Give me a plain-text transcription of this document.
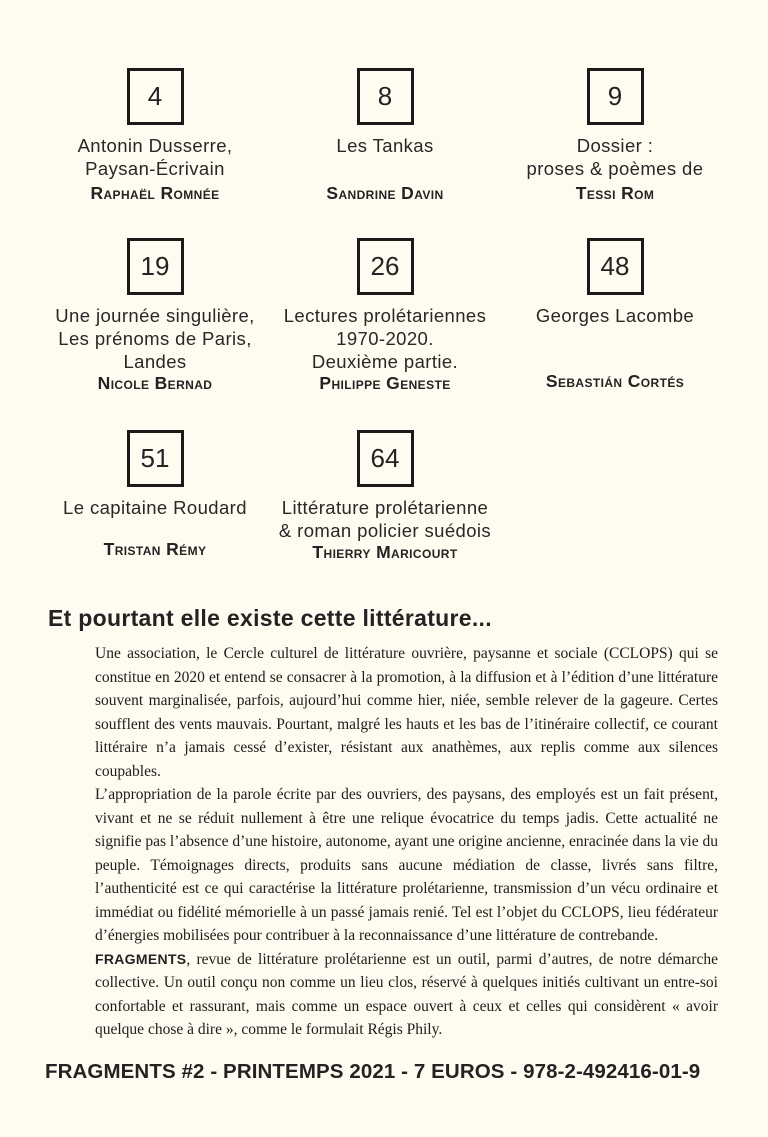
4
Antonin Dusserre,
Paysan-Écrivain
Raphaël Romnée
8
Les Tankas
Sandrine Davin
9
Dossier :
proses & poèmes de
Tessi Rom
19
Une journée singulière,
Les prénoms de Paris,
Landes
Nicole Bernad
26
Lectures prolétariennes
1970-2020.
Deuxième partie.
Philippe Geneste
48
Georges Lacombe
Sebastián Cortés
51
Le capitaine Roudard
Tristan Rémy
64
Littérature prolétarienne
& roman policier suédois
Thierry Maricourt
Et pourtant elle existe cette littérature...

Une association, le Cercle culturel de littérature ouvrière, paysanne et sociale (CCLOPS) qui se constitue en 2020 et entend se consacrer à la promotion, à la diffusion et à l’édition d’une littérature souvent marginalisée, parfois, aujourd’hui comme hier, niée, semble relever de la gageure. Certes soufflent des vents mauvais. Pourtant, malgré les hauts et les bas de l’itinéraire collectif, ce courant littéraire n’a jamais cessé d’exister, résistant aux anathèmes, aux replis comme aux silences coupables.

L’appropriation de la parole écrite par des ouvriers, des paysans, des employés est un fait présent, vivant et ne se réduit nullement à être une relique évocatrice du temps jadis. Cette actualité ne signifie pas l’absence d’une histoire, autonome, ayant une origine ancienne, enracinée dans la vie du peuple. Témoignages directs, produits sans aucune médiation de classe, livrés sans filtre, l’authenticité est ce qui caractérise la littérature prolétarienne, transmission d’un vécu ordinaire et immédiat ou fidélité mémorielle à un passé jamais renié. Tel est l’objet du CCLOPS, lieu fédérateur d’énergies mobilisées pour contribuer à la reconnaissance d’une littérature de contrebande.

FRAGMENTS, revue de littérature prolétarienne est un outil, parmi d’autres, de notre démarche collective. Un outil conçu non comme un lieu clos, réservé à quelques initiés cultivant un entre-soi confortable et rassurant, mais comme un espace ouvert à ceux et celles qui considèrent « avoir quelque chose à dire », comme le formulait Régis Phily.

FRAGMENTS #2 - PRINTEMPS 2021 - 7 EUROS - 978-2-492416-01-9
